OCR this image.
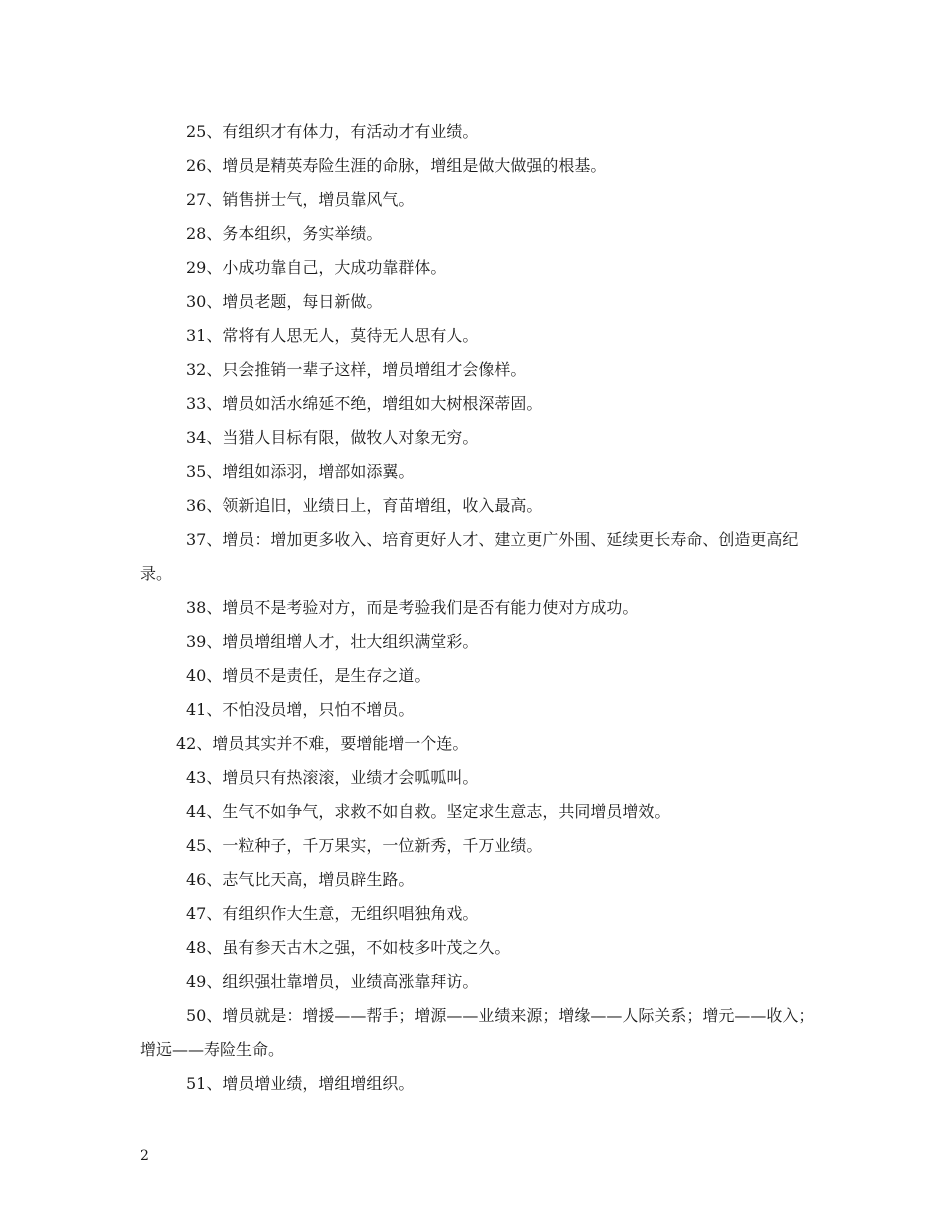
25、有组织才有体力，有活动才有业绩。

26、增员是精英寿险生涯的命脉，增组是做大做强的根基。

27、销售拼士气，增员靠风气。

28、务本组织，务实举绩。

29、小成功靠自己，大成功靠群体。

30、增员老题，每日新做。

31、常将有人思无人，莫待无人思有人。

32、只会推销一辈子这样，增员增组才会像样。

33、增员如活水绵延不绝，增组如大树根深蒂固。

34、当猎人目标有限，做牧人对象无穷。

35、增组如添羽，增部如添翼。

36、领新追旧，业绩日上，育苗增组，收入最高。

37、增员：增加更多收入、培育更好人才、建立更广外围、延续更长寿命、创造更高纪录。

38、增员不是考验对方，而是考验我们是否有能力使对方成功。

39、增员增组增人才，壮大组织满堂彩。

40、增员不是责任，是生存之道。

41、不怕没员增，只怕不增员。

42、增员其实并不难，要增能增一个连。

43、增员只有热滚滚，业绩才会呱呱叫。

44、生气不如争气，求救不如自救。坚定求生意志，共同增员增效。

45、一粒种子，千万果实，一位新秀，千万业绩。

46、志气比天高，增员辟生路。

47、有组织作大生意，无组织唱独角戏。

48、虽有参天古木之强，不如枝多叶茂之久。

49、组织强壮靠增员，业绩高涨靠拜访。

50、增员就是：增援——帮手；增源——业绩来源；增缘——人际关系；增元——收入；增远——寿险生命。

51、增员增业绩，增组增组织。

2
